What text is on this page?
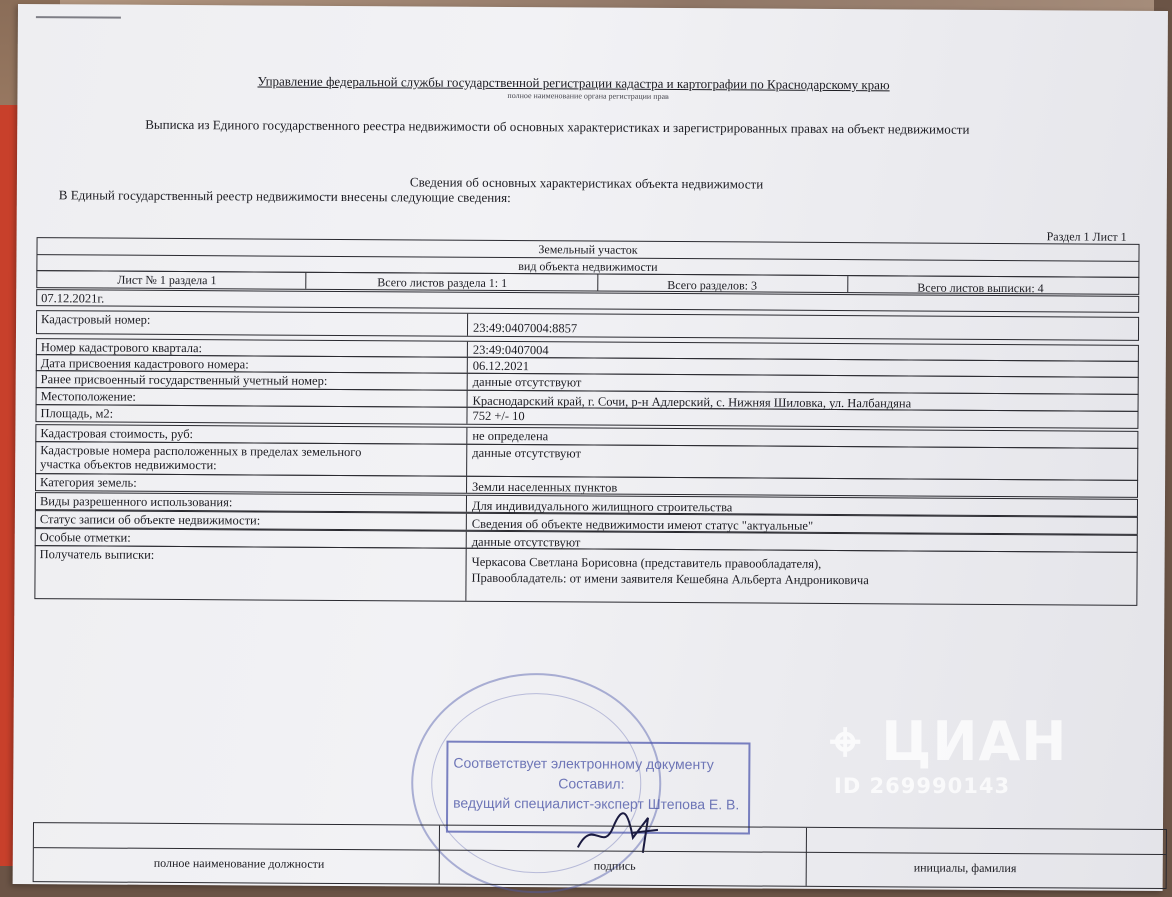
Управление федеральной службы государственной регистрации кадастра и картографии по Краснодарскому краю
полное наименование органа регистрации прав
Выписка из Единого государственного реестра недвижимости об основных характеристиках и зарегистрированных правах на объект недвижимости
Сведения об основных характеристиках объекта недвижимости
В Единый государственный реестр недвижимости внесены следующие сведения:
Раздел 1 Лист 1
Земельный участок
вид объекта недвижимости
Лист № 1 раздела 1	Всего листов раздела 1: 1	Всего разделов: 3	Всего листов выписки: 4
07.12.2021г.
Кадастровый номер:
23:49:0407004:8857
Номер кадастрового квартала:	23:49:0407004
Дата присвоения кадастрового номера:	06.12.2021
Ранее присвоенный государственный учетный номер:	данные отсутствуют
Местоположение:	Краснодарский край, г. Сочи, р-н Адлерский, с. Нижняя Шиловка, ул. Налбандяна
Площадь, м2:	752 +/- 10
Кадастровая стоимость, руб:	не определена
Кадастровые номера расположенных в пределах земельного
участка объектов недвижимости:
данные отсутствуют
Категория земель:	Земли населенных пунктов
Виды разрешенного использования:	Для индивидуального жилищного строительства
Статус записи об объекте недвижимости:	Сведения об объекте недвижимости имеют статус "актуальные"
Особые отметки:	данные отсутствуют
Получатель выписки:
Черкасова Светлана Борисовна (представитель правообладателя),
Правообладатель: от имени заявителя Кешебяна Альберта Андрониковича
Соответствует электронному документу
Составил:
ведущий специалист-эксперт Штепова Е. В.
полное наименование должности	подпись	инициалы, фамилия
⌖ ЦИАН
ID 269990143
